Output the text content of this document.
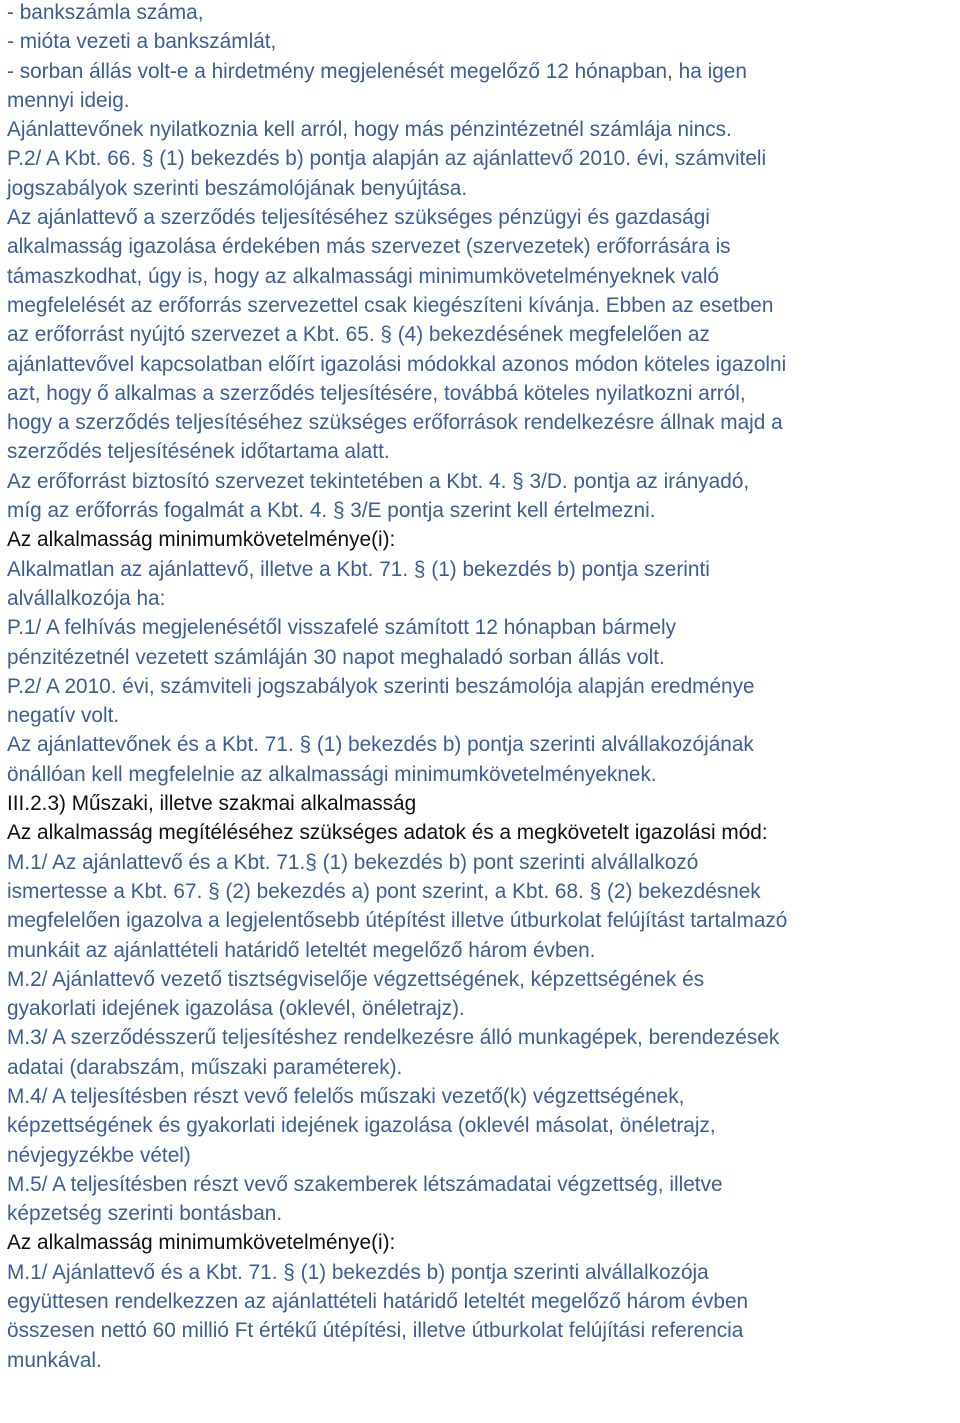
- bankszámla száma,
- mióta vezeti a bankszámlát,
- sorban állás volt-e a hirdetmény megjelenését megelőző 12 hónapban, ha igen
mennyi ideig.
Ajánlattevőnek nyilatkoznia kell arról, hogy más pénzintézetnél számlája nincs.
P.2/ A Kbt. 66. § (1) bekezdés b) pontja alapján az ajánlattevő 2010. évi, számviteli
jogszabályok szerinti beszámolójának benyújtása.
Az ajánlattevő a szerződés teljesítéséhez szükséges pénzügyi és gazdasági
alkalmasság igazolása érdekében más szervezet (szervezetek) erőforrására is
támaszkodhat, úgy is, hogy az alkalmassági minimumkövetelményeknek való
megfelelését az erőforrás szervezettel csak kiegészíteni kívánja. Ebben az esetben
az erőforrást nyújtó szervezet a Kbt. 65. § (4) bekezdésének megfelelően az
ajánlattevővel kapcsolatban előírt igazolási módokkal azonos módon köteles igazolni
azt, hogy ő alkalmas a szerződés teljesítésére, továbbá köteles nyilatkozni arról,
hogy a szerződés teljesítéséhez szükséges erőforrások rendelkezésre állnak majd a
szerződés teljesítésének időtartama alatt.
Az erőforrást biztosító szervezet tekintetében a Kbt. 4. § 3/D. pontja az irányadó,
míg az erőforrás fogalmát a Kbt. 4. § 3/E pontja szerint kell értelmezni.
Az alkalmasság minimumkövetelménye(i):
Alkalmatlan az ajánlattevő, illetve a Kbt. 71. § (1) bekezdés b) pontja szerinti
alvállalkozója ha:
P.1/ A felhívás megjelenésétől visszafelé számított 12 hónapban bármely
pénzitézetnél vezetett számláján 30 napot meghaladó sorban állás volt.
P.2/ A 2010. évi, számviteli jogszabályok szerinti beszámolója alapján eredménye
negatív volt.
Az ajánlattevőnek és a Kbt. 71. § (1) bekezdés b) pontja szerinti alvállakozójának
önállóan kell megfelelnie az alkalmassági minimumkövetelményeknek.
III.2.3) Műszaki, illetve szakmai alkalmasság
Az alkalmasság megítéléséhez szükséges adatok és a megkövetelt igazolási mód:
M.1/ Az ajánlattevő és a Kbt. 71.§ (1) bekezdés b) pont szerinti alvállalkozó
ismertesse a Kbt. 67. § (2) bekezdés a) pont szerint, a Kbt. 68. § (2) bekezdésnek
megfelelően igazolva a legjelentősebb útépítést illetve útburkolat felújítást tartalmazó
munkáit az ajánlattételi határidő leteltét megelőző három évben.
M.2/ Ajánlattevő vezető tisztségviselője végzettségének, képzettségének és
gyakorlati idejének igazolása (oklevél, önéletrajz).
M.3/ A szerződésszerű teljesítéshez rendelkezésre álló munkagépek, berendezések
adatai (darabszám, műszaki paraméterek).
M.4/ A teljesítésben részt vevő felelős műszaki vezető(k) végzettségének,
képzettségének és gyakorlati idejének igazolása (oklevél másolat, önéletrajz,
névjegyzékbe vétel)
M.5/ A teljesítésben részt vevő szakemberek létszámadatai végzettség, illetve
képzetség szerinti bontásban.
Az alkalmasság minimumkövetelménye(i):
M.1/ Ajánlattevő és a Kbt. 71. § (1) bekezdés b) pontja szerinti alvállalkozója
együttesen rendelkezzen az ajánlattételi határidő leteltét megelőző három évben
összesen nettó 60 millió Ft értékű útépítési, illetve útburkolat felújítási referencia
munkával.
